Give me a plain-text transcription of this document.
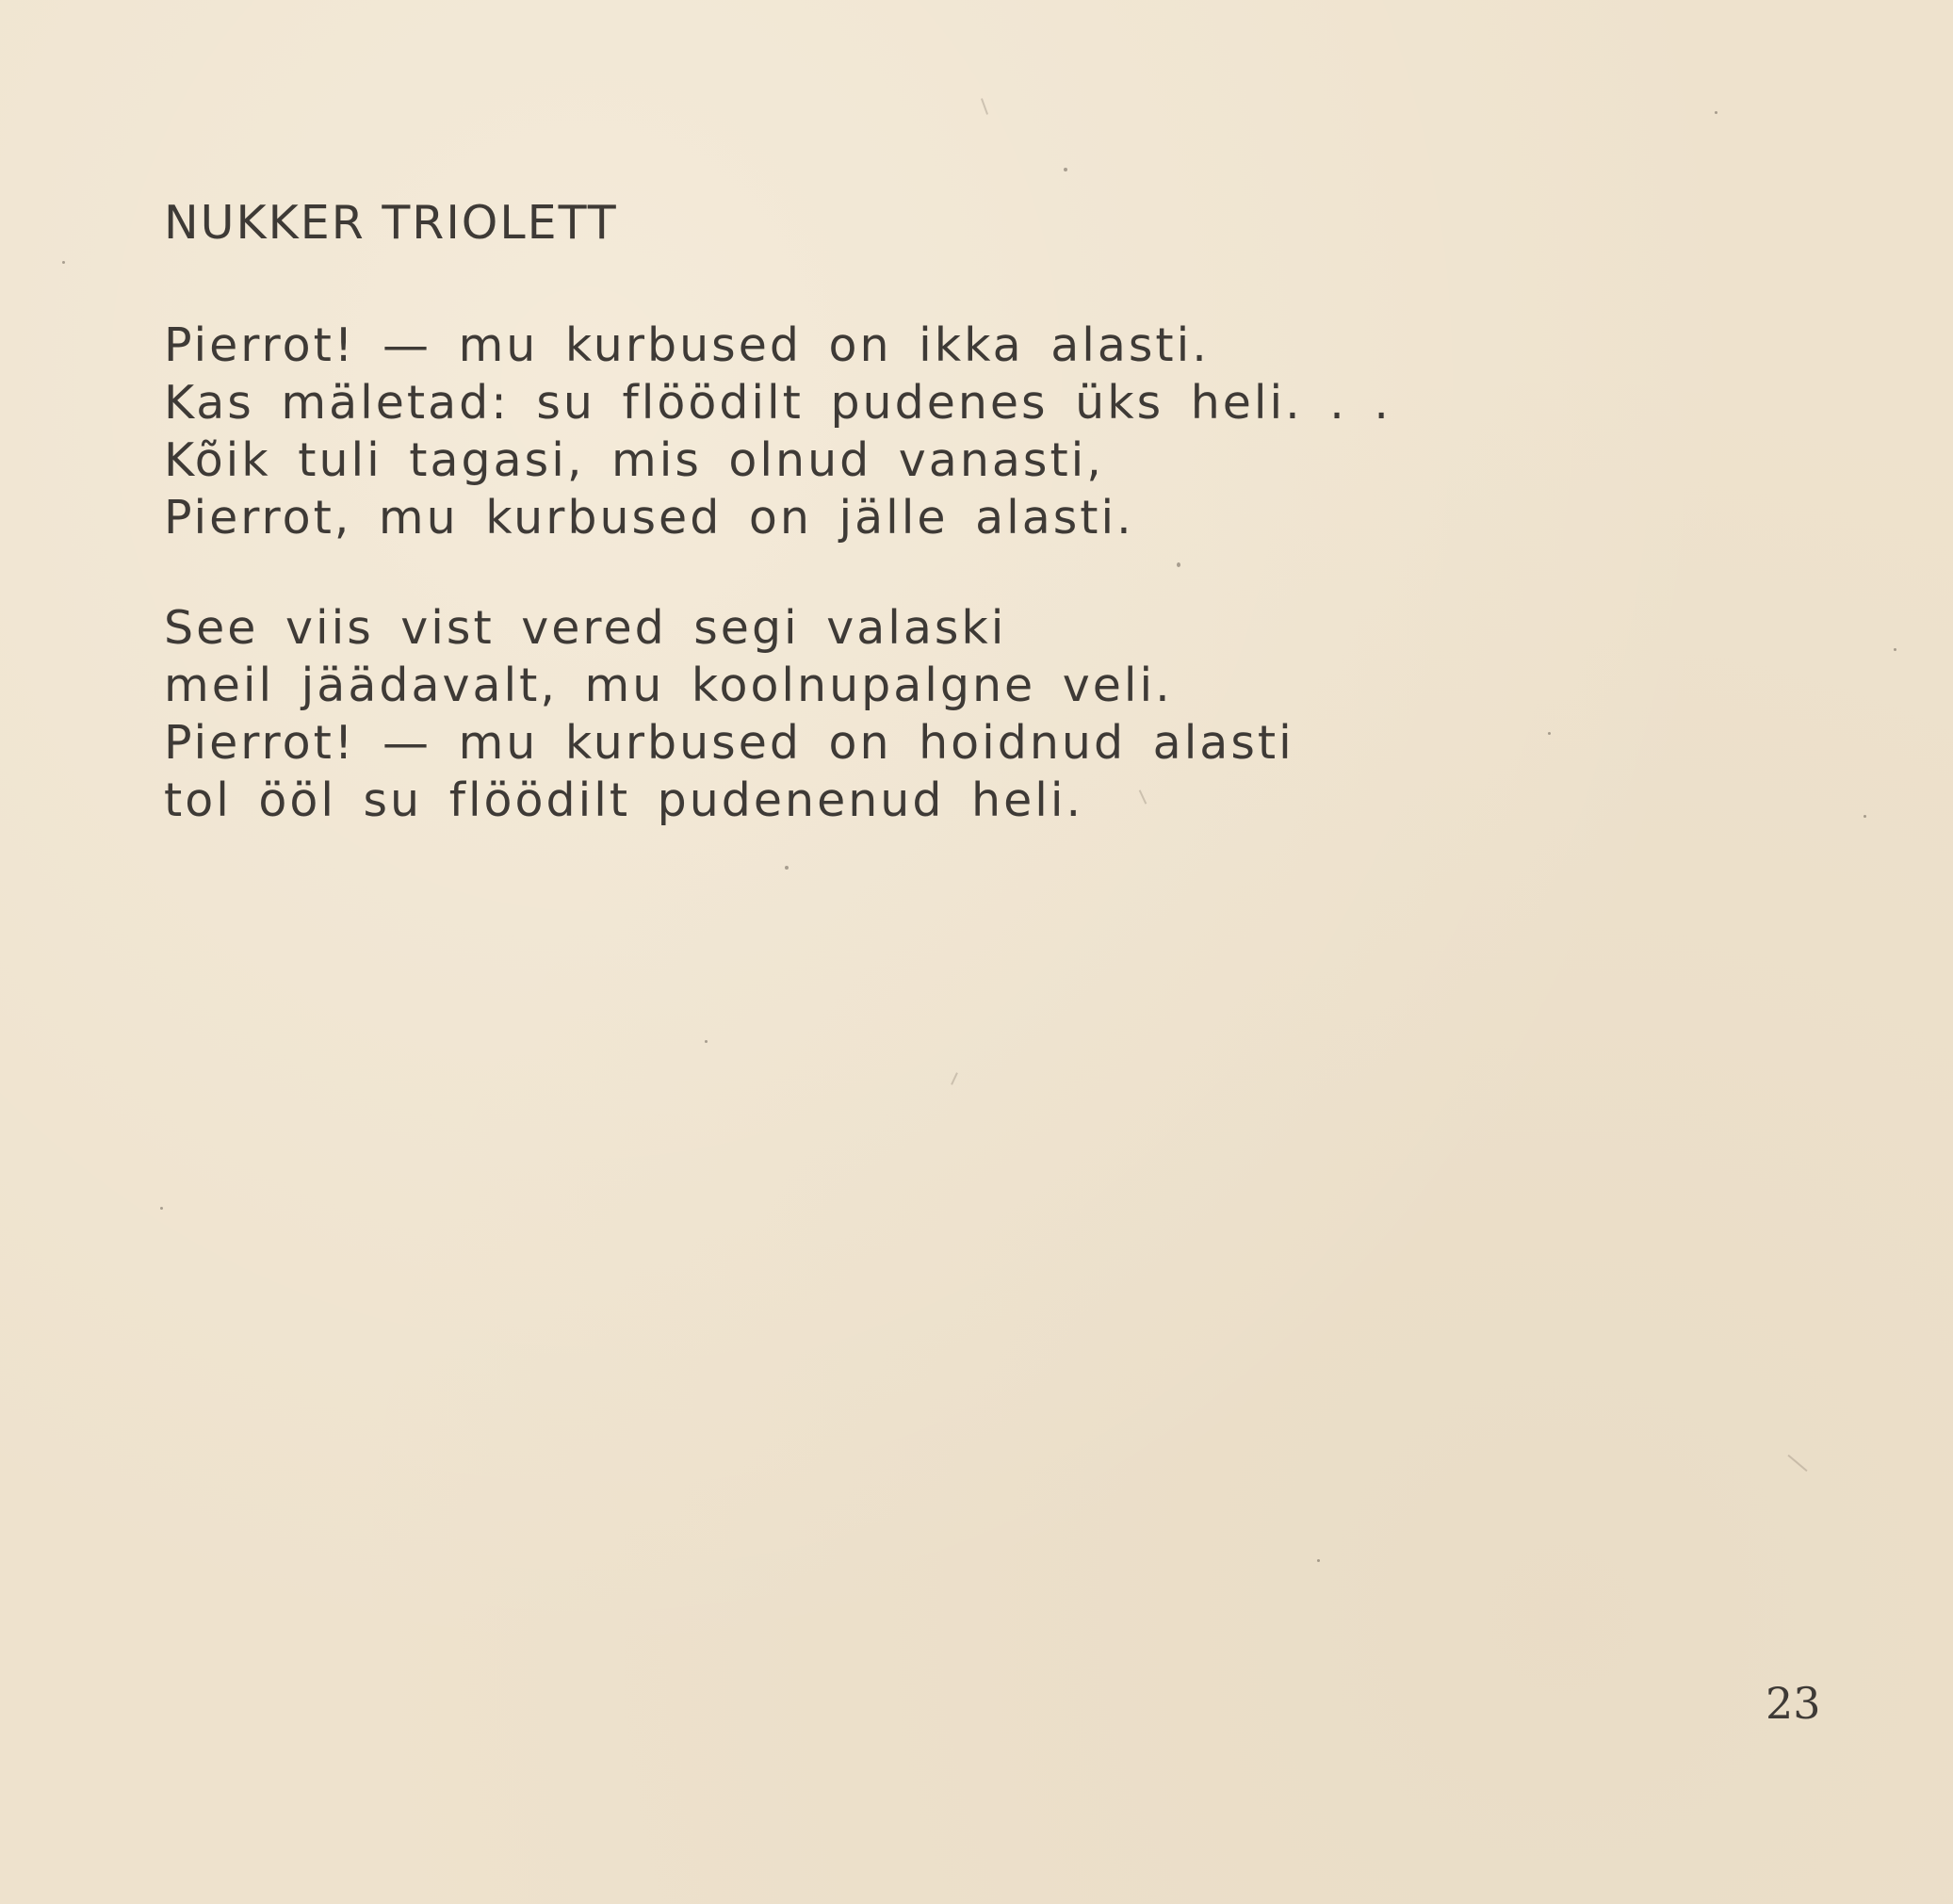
NUKKER TRIOLETT
Pierrot! — mu kurbused on ikka alasti.
Kas mäletad: su flöödilt pudenes üks heli. . .
Kõik tuli tagasi, mis olnud vanasti,
Pierrot, mu kurbused on jälle alasti.
See viis vist vered segi valaski
meil jäädavalt, mu koolnupalgne veli.
Pierrot! — mu kurbused on hoidnud alasti
tol ööl su flöödilt pudenenud heli.
23
